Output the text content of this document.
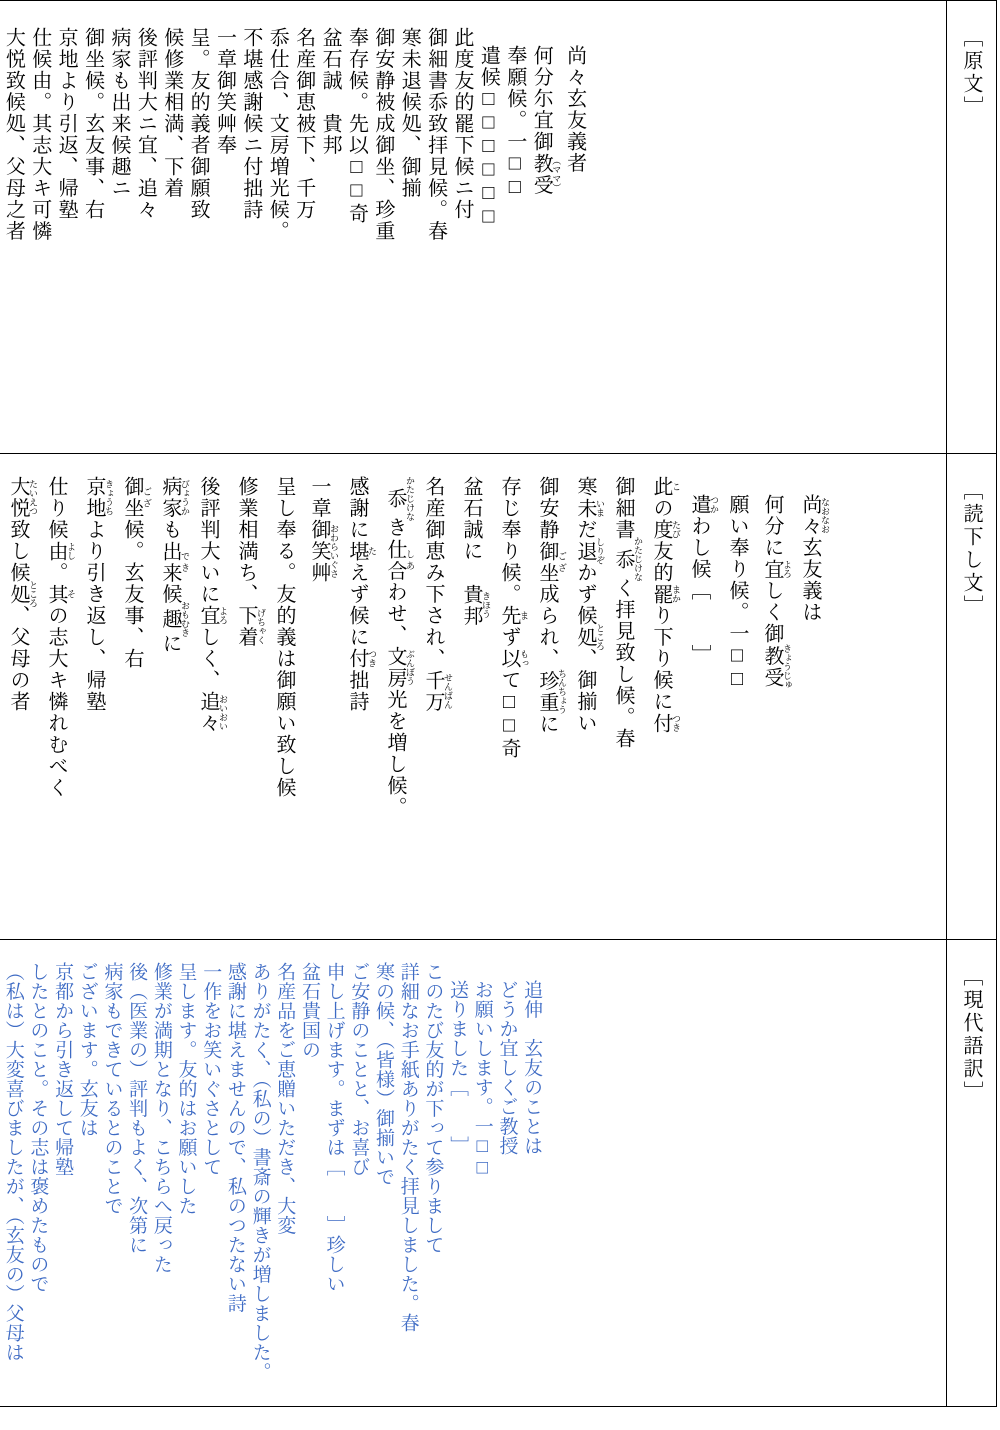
尚々玄友義者
何分尓宜御教受 （ママ）
奉願候。一□□
遣候□□□□□□
此度友的罷下候ニ付
御細書忝致拝見候。春
寒未退候処、御揃
御安静被成御坐、珍重
奉存候。先以□□奇
盆石誠　貴邦
名産御恵被下、千万
忝仕合、文房増光候。
不堪感謝候ニ付拙詩
一章御笑艸奉
呈。友的義者御願致
候修業相満、下着
後評判大ニ宜、追々
病家も出来候趣ニ
御坐候。玄友事、右
京地より引返、帰塾
仕候由。其志大キ可憐
大悦致候処、父母之者	［原文］
尚々 なおなお玄友義は
何分に宜 よろしく御教受 きょうじゅ
願い奉り候。一□□
遣 つかわし候［　　］
此 この度 たび友的罷 まかり下り候に付 つき
御細書忝 かたじけなく拝見致し候。春
寒未 いまだ退 しりぞかず候処 ところ、御揃い
御安静御坐 ご ざ成られ、珍重 ちんちょうに
存じ奉り候。先 まず以 もって□□奇
盆石誠に　貴邦 きほう
名産御恵み下され、千万 せんばん
忝 かたじけなき仕合 し あわせ、文房 ぶんぼう光を増し候。
感謝に堪 たえず候に付 つき拙詩
一章御笑艸 おわらいぐさ
呈し奉る。友的義は御願い致し候
修業相満ち、下着 げちゃく
後評判大いに宜 よろしく、追々 おいおい
病家 びょうかも出来 で き候趣 おもむきに
御坐 ご ざ候。玄友事、右
京地 きょうちより引き返し、帰塾
仕り候由 よし。其 その志大キ憐れむべく
大悦 たいえつ致し候処 ところ、父母の者
［読下し文］
追伸　玄友のことは
どうか宜しくご教授
お願いします。一□□
送りました［　　］
このたび友的が下って参りまして
詳細なお手紙ありがたく拝見しました。春
寒の候、（皆様）御揃いで
ご安静のことと、お喜び
申し上げます。まずは［　　］珍しい
盆石貴国の
名産品をご恵贈いただき、大変
ありがたく、（私の）書斎の輝きが増しました。
感謝に堪えませんので、私のつたない詩
一作をお笑いぐさとして
呈します。友的はお願いした
修業が満期となり、こちらへ戻った
後（医業の）評判もよく、次第に
病家もできているとのことで
ございます。玄友は
京都から引き返して帰塾
したとのこと。その志は褒めたもので
（私は）大変喜びましたが、（玄友の）父母は	［現代語訳］
